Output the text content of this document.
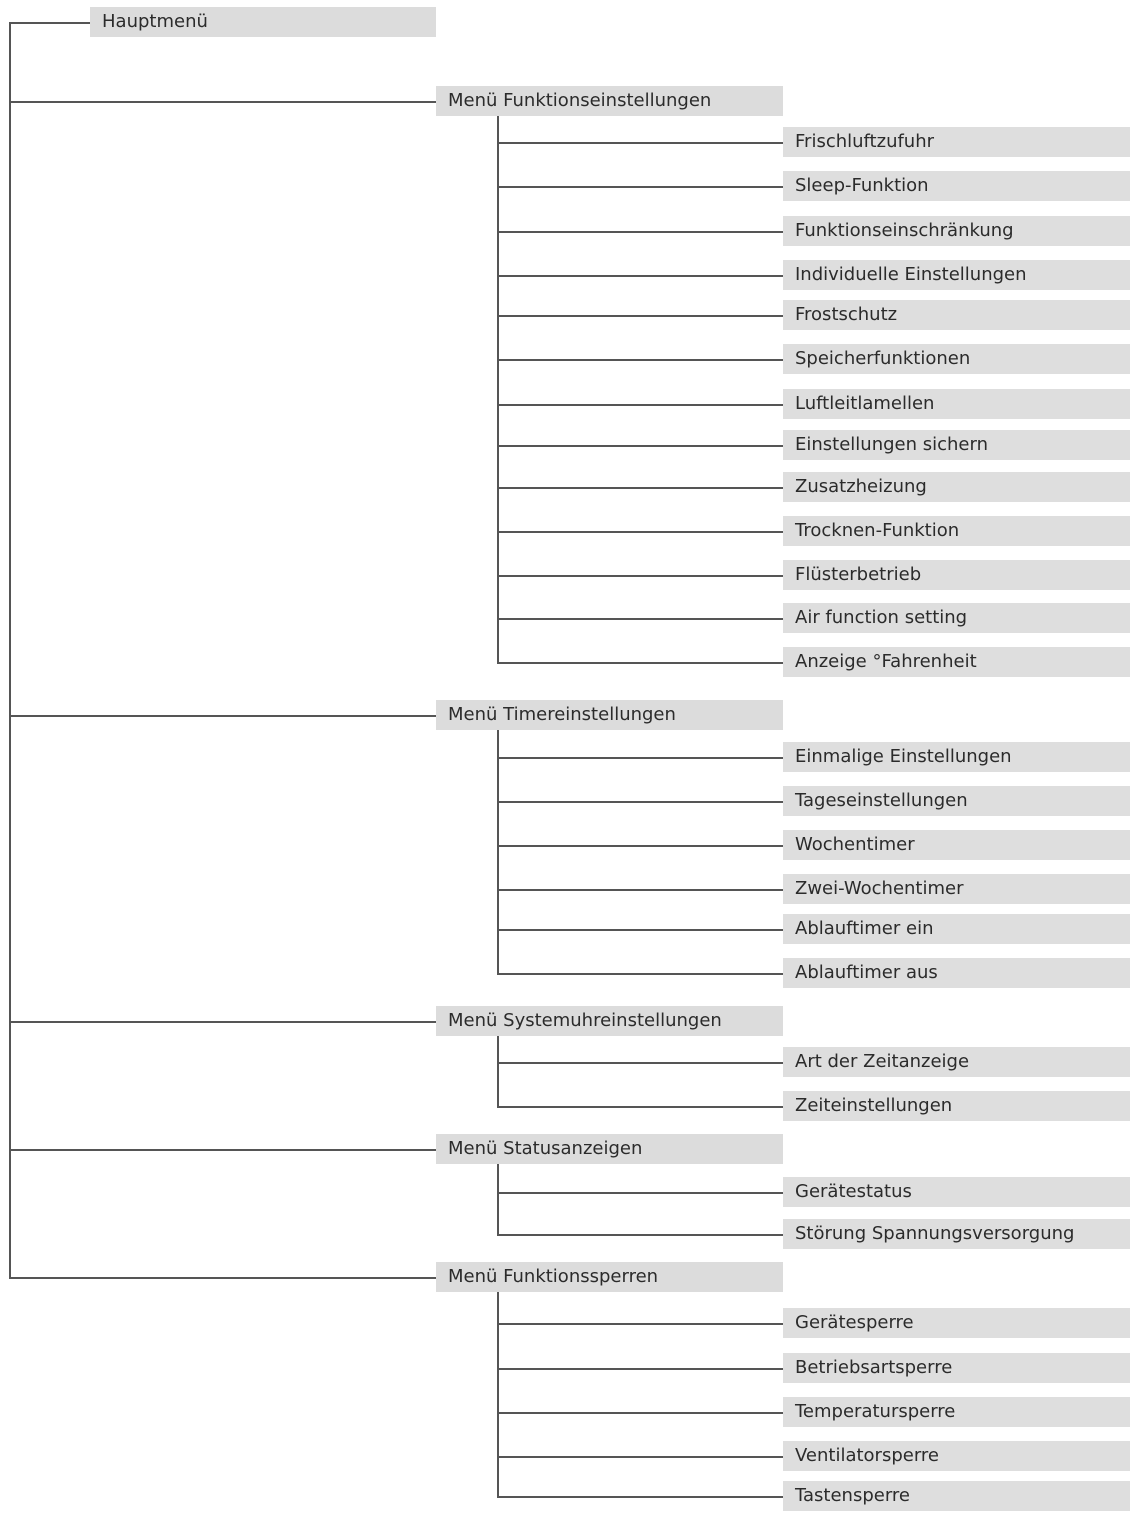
Hauptmenü
Menü Funktionseinstellungen
Frischluftzufuhr
Sleep-Funktion
Funktionseinschränkung
Individuelle Einstellungen
Frostschutz
Speicherfunktionen
Luftleitlamellen
Einstellungen sichern
Zusatzheizung
Trocknen-Funktion
Flüsterbetrieb
Air function setting
Anzeige °Fahrenheit
Menü Timereinstellungen
Einmalige Einstellungen
Tageseinstellungen
Wochentimer
Zwei-Wochentimer
Ablauftimer ein
Ablauftimer aus
Menü Systemuhreinstellungen
Art der Zeitanzeige
Zeiteinstellungen
Menü Statusanzeigen
Gerätestatus
Störung Spannungsversorgung
Menü Funktionssperren
Gerätesperre
Betriebsartsperre
Temperatursperre
Ventilatorsperre
Tastensperre
